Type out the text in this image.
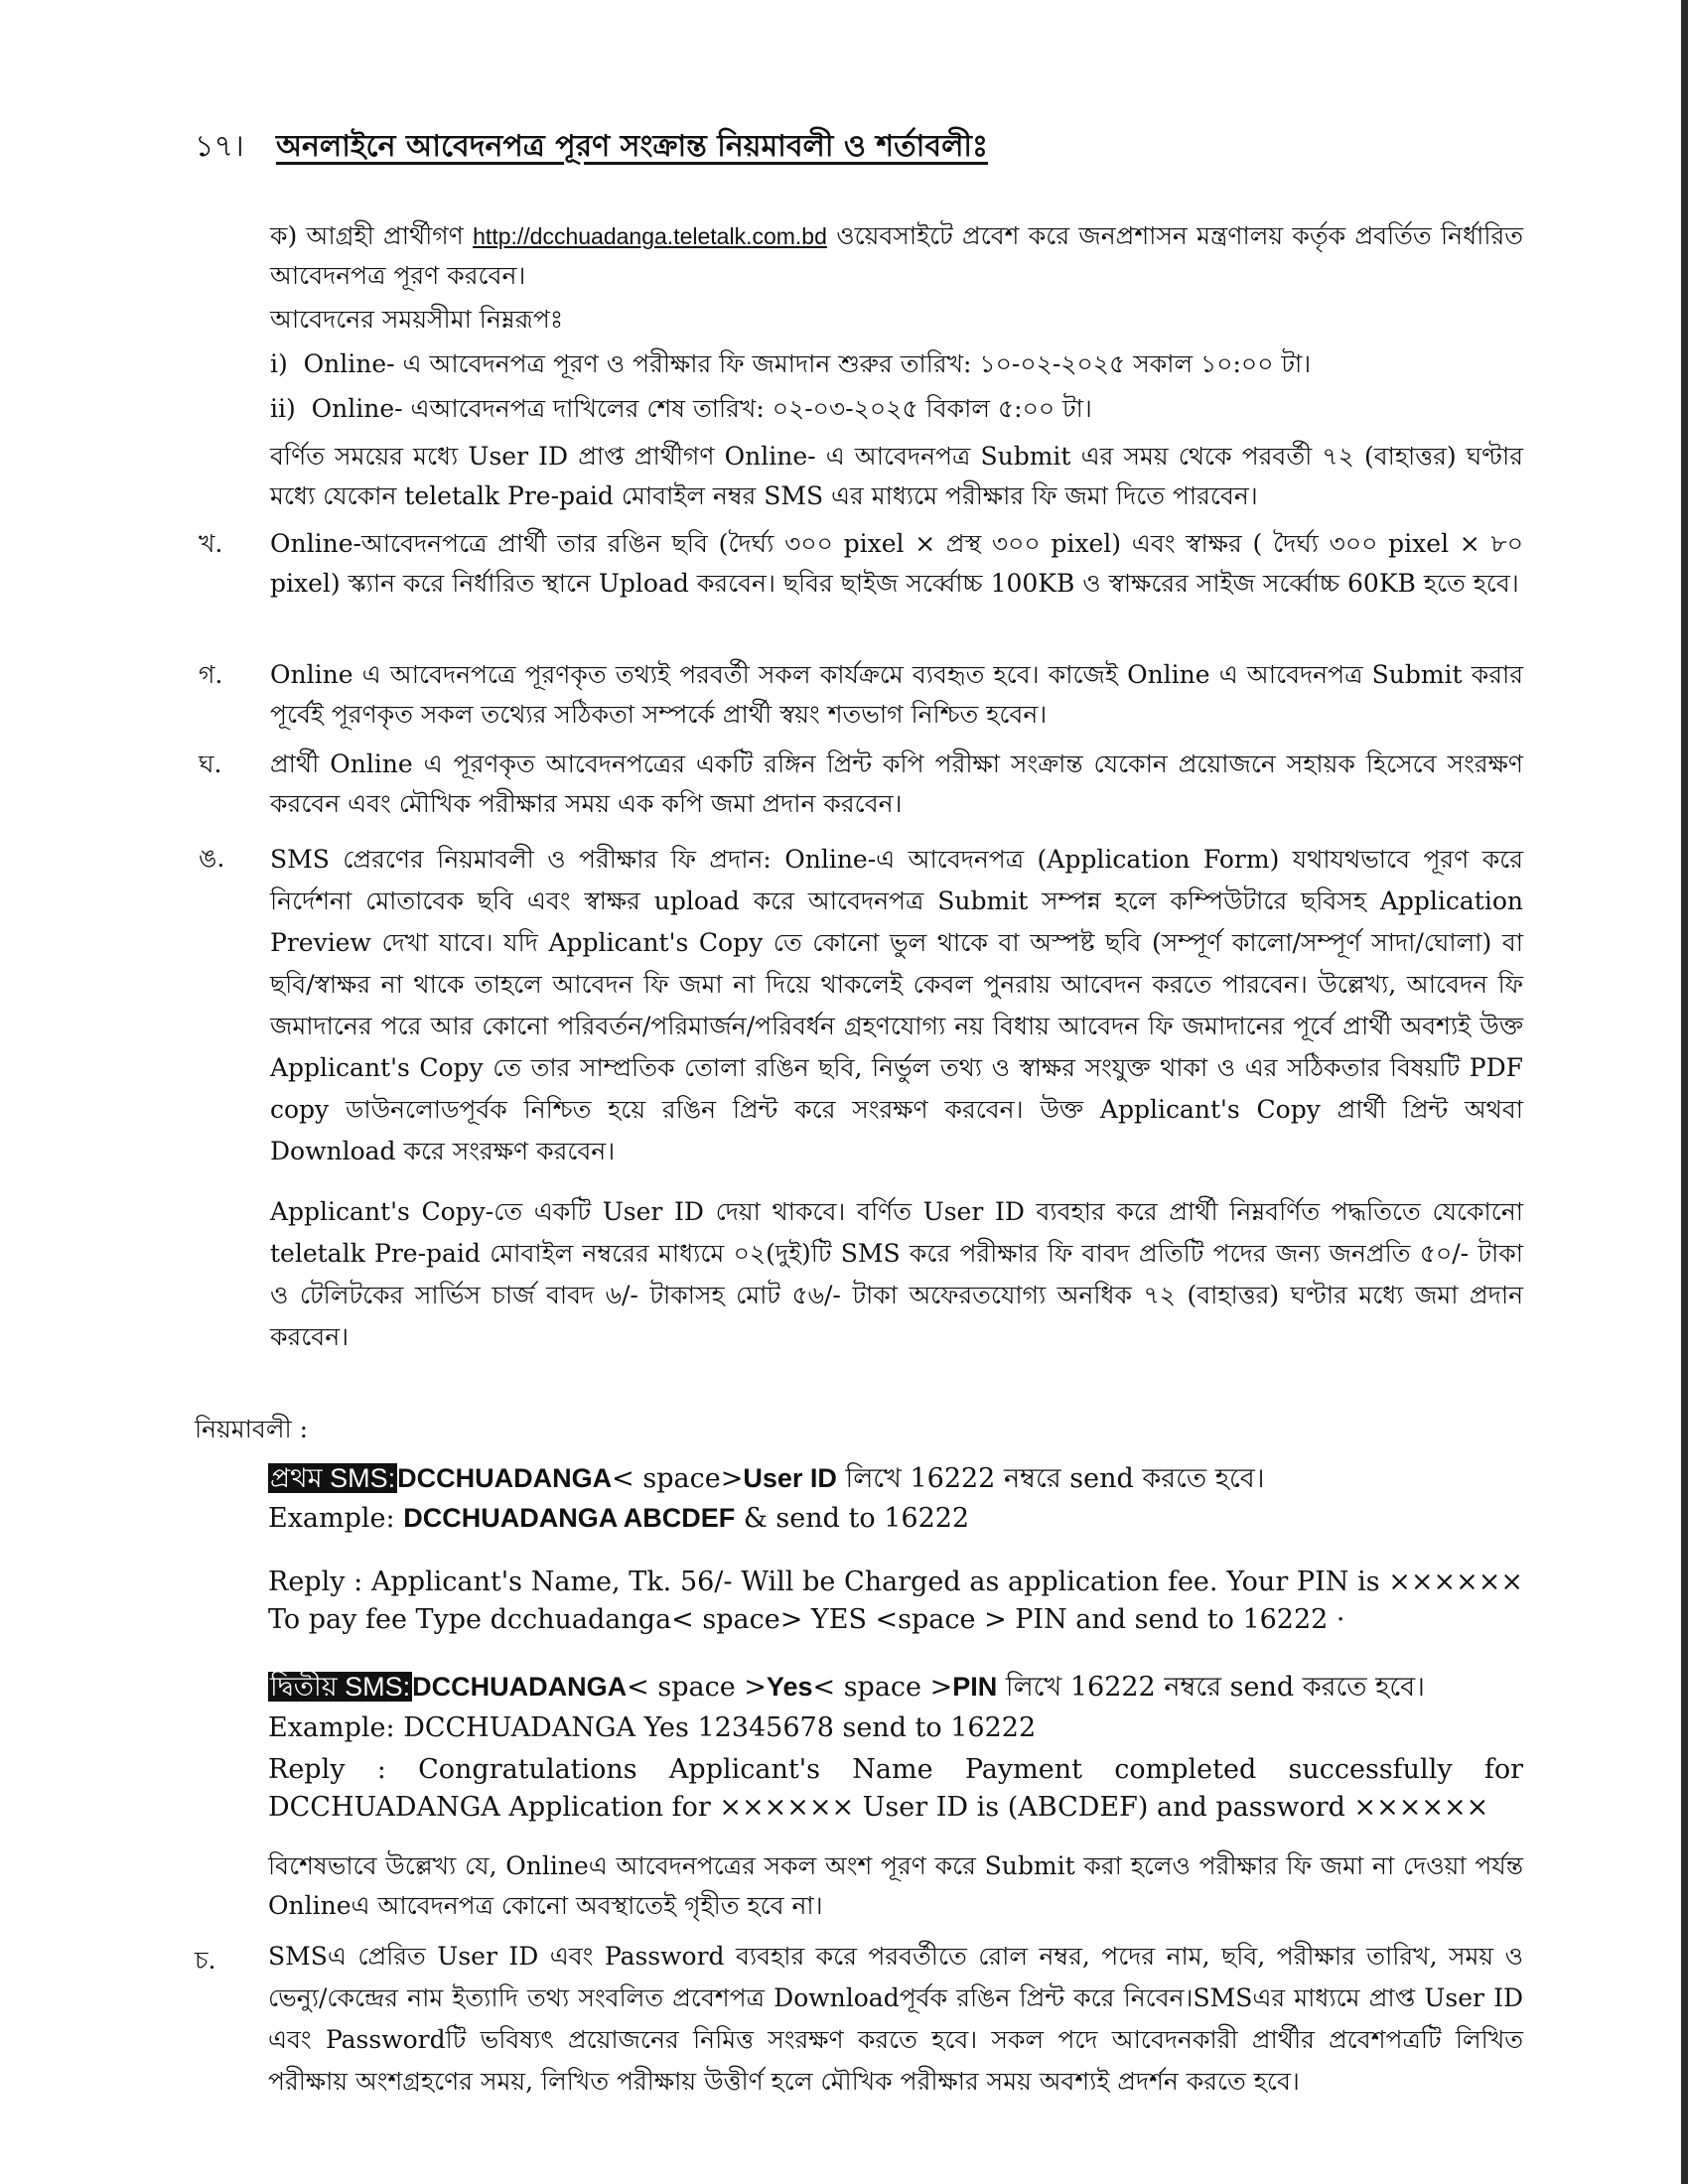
১৭। অনলাইনে আবেদনপত্র পূরণ সংক্রান্ত নিয়মাবলী ও শর্তাবলীঃ
ক) আগ্রহী প্রার্থীগণ http://dcchuadanga.teletalk.com.bd ওয়েবসাইটে প্রবেশ করে জনপ্রশাসন মন্ত্রণালয় কর্তৃক প্রবর্তিত নির্ধারিত আবেদনপত্র পূরণ করবেন।
আবেদনের সময়সীমা নিম্নরূপঃ
i) Online- এ আবেদনপত্র পূরণ ও পরীক্ষার ফি জমাদান শুরুর তারিখ: ১০-০২-২০২৫ সকাল ১০:০০ টা।
ii) Online- এআবেদনপত্র দাখিলের শেষ তারিখ: ০২-০৩-২০২৫ বিকাল ৫:০০ টা।
বর্ণিত সময়ের মধ্যে User ID প্রাপ্ত প্রার্থীগণ Online- এ আবেদনপত্র Submit এর সময় থেকে পরবর্তী ৭২ (বাহাত্তর) ঘণ্টার মধ্যে যেকোন teletalk Pre-paid মোবাইল নম্বর SMS এর মাধ্যমে পরীক্ষার ফি জমা দিতে পারবেন।
খ. Online-আবেদনপত্রে প্রার্থী তার রঙিন ছবি (দৈর্ঘ্য ৩০০ pixel × প্রস্থ ৩০০ pixel) এবং স্বাক্ষর ( দৈর্ঘ্য ৩০০ pixel × ৮০ pixel) স্ক্যান করে নির্ধারিত স্থানে Upload করবেন। ছবির ছাইজ সর্ব্বোচ্চ 100KB ও স্বাক্ষরের সাইজ সর্ব্বোচ্চ 60KB হতে হবে।
গ. Online এ আবেদনপত্রে পূরণকৃত তথ্যই পরবর্তী সকল কার্যক্রমে ব্যবহৃত হবে। কাজেই Online এ আবেদনপত্র Submit করার পূর্বেই পূরণকৃত সকল তথ্যের সঠিকতা সম্পর্কে প্রার্থী স্বয়ং শতভাগ নিশ্চিত হবেন।
ঘ. প্রার্থী Online এ পূরণকৃত আবেদনপত্রের একটি রঙ্গিন প্রিন্ট কপি পরীক্ষা সংক্রান্ত যেকোন প্রয়োজনে সহায়ক হিসেবে সংরক্ষণ করবেন এবং মৌখিক পরীক্ষার সময় এক কপি জমা প্রদান করবেন।
ঙ. SMS প্রেরণের নিয়মাবলী ও পরীক্ষার ফি প্রদান: Online-এ আবেদনপত্র (Application Form) যথাযথভাবে পূরণ করে নির্দেশনা মোতাবেক ছবি এবং স্বাক্ষর upload করে আবেদনপত্র Submit সম্পন্ন হলে কম্পিউটারে ছবিসহ Application Preview দেখা যাবে। যদি Applicant's Copy তে কোনো ভুল থাকে বা অস্পষ্ট ছবি (সম্পূর্ণ কালো/সম্পূর্ণ সাদা/ঘোলা) বা ছবি/স্বাক্ষর না থাকে তাহলে আবেদন ফি জমা না দিয়ে থাকলেই কেবল পুনরায় আবেদন করতে পারবেন। উল্লেখ্য, আবেদন ফি জমাদানের পরে আর কোনো পরিবর্তন/পরিমার্জন/পরিবর্ধন গ্রহণযোগ্য নয় বিধায় আবেদন ফি জমাদানের পূর্বে প্রার্থী অবশ্যই উক্ত Applicant's Copy তে তার সাম্প্রতিক তোলা রঙিন ছবি, নির্ভুল তথ্য ও স্বাক্ষর সংযুক্ত থাকা ও এর সঠিকতার বিষয়টি PDF copy ডাউনলোডপূর্বক নিশ্চিত হয়ে রঙিন প্রিন্ট করে সংরক্ষণ করবেন। উক্ত Applicant's Copy প্রার্থী প্রিন্ট অথবা Download করে সংরক্ষণ করবেন।
Applicant's Copy-তে একটি User ID দেয়া থাকবে। বর্ণিত User ID ব্যবহার করে প্রার্থী নিম্নবর্ণিত পদ্ধতিতে যেকোনো teletalk Pre-paid মোবাইল নম্বরের মাধ্যমে ০২(দুই)টি SMS করে পরীক্ষার ফি বাবদ প্রতিটি পদের জন্য জনপ্রতি ৫০/- টাকা ও টেলিটকের সার্ভিস চার্জ বাবদ ৬/- টাকাসহ মোট ৫৬/- টাকা অফেরতযোগ্য অনধিক ৭২ (বাহাত্তর) ঘণ্টার মধ্যে জমা প্রদান করবেন।
নিয়মাবলী :
প্রথম SMS:DCCHUADANGA< space>User ID লিখে 16222 নম্বরে send করতে হবে।
Example: DCCHUADANGA ABCDEF & send to 16222
Reply : Applicant's Name, Tk. 56/- Will be Charged as application fee. Your PIN is ×××××× To pay fee Type dcchuadanga< space> YES <space > PIN and send to 16222 ·
দ্বিতীয় SMS:DCCHUADANGA< space >Yes< space >PIN লিখে 16222 নম্বরে send করতে হবে।
Example: DCCHUADANGA Yes 12345678 send to 16222
Reply : Congratulations Applicant's Name Payment completed successfully for DCCHUADANGA Application for ×××××× User ID is (ABCDEF) and password ××××××
বিশেষভাবে উল্লেখ্য যে, Onlineএ আবেদনপত্রের সকল অংশ পূরণ করে Submit করা হলেও পরীক্ষার ফি জমা না দেওয়া পর্যন্ত Onlineএ আবেদনপত্র কোনো অবস্থাতেই গৃহীত হবে না।
চ. SMSএ প্রেরিত User ID এবং Password ব্যবহার করে পরবর্তীতে রোল নম্বর, পদের নাম, ছবি, পরীক্ষার তারিখ, সময় ও ভেন্যু/কেন্দ্রের নাম ইত্যাদি তথ্য সংবলিত প্রবেশপত্র Downloadপূর্বক রঙিন প্রিন্ট করে নিবেন।SMSএর মাধ্যমে প্রাপ্ত User ID এবং Passwordটি ভবিষ্যৎ প্রয়োজনের নিমিত্ত সংরক্ষণ করতে হবে। সকল পদে আবেদনকারী প্রার্থীর প্রবেশপত্রটি লিখিত পরীক্ষায় অংশগ্রহণের সময়, লিখিত পরীক্ষায় উত্তীর্ণ হলে মৌখিক পরীক্ষার সময় অবশ্যই প্রদর্শন করতে হবে।
